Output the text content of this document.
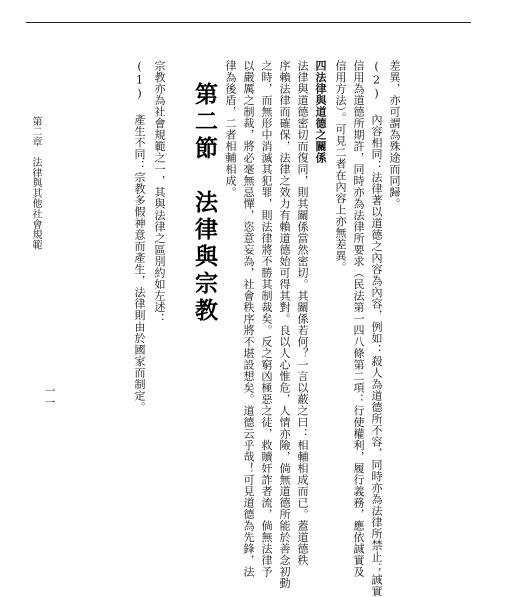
一一
第二章　法律與其他社會規範	差異，亦可謂為殊途而同歸。
(2) 內容相同：法律著以道德之內容為內容，例如：殺人為道德所不容，同時亦為法律所禁止；誠實
信用為道德所期許，同時亦為法律所要求（民法第一四八條第二項：行使權利，履行義務，應依誠實及
信用方法）。可見二者在內容上亦無差異。
四法律與道德之關係
法律與道德密切而復同，則其關係當然密切。其關係若何？一言以蔽之曰：相輔相成而已。蓋道德秩
序賴法律而確保，法律之效力有賴道德始可得其對。良以人心惟危，人情亦險，倘無道德所能於善念初動
之時，而無形中消滅其犯罪，則法律將不勝其制裁矣。反之窮凶極惡之徒，救贖奸詐者流，倘無法律予
以嚴厲之制裁，將必毫無忌憚，恣意妄為，社會秩序將不堪設想矣。道德云乎哉！可見道德為先鋒，法
律為後盾，二者相輔相成。
第二節　法律與宗教
宗教亦為社會規範之一，其與法律之區別約如左述：
(1) 產生不同：宗教多假神意而產生，法律則由於國家而制定。
